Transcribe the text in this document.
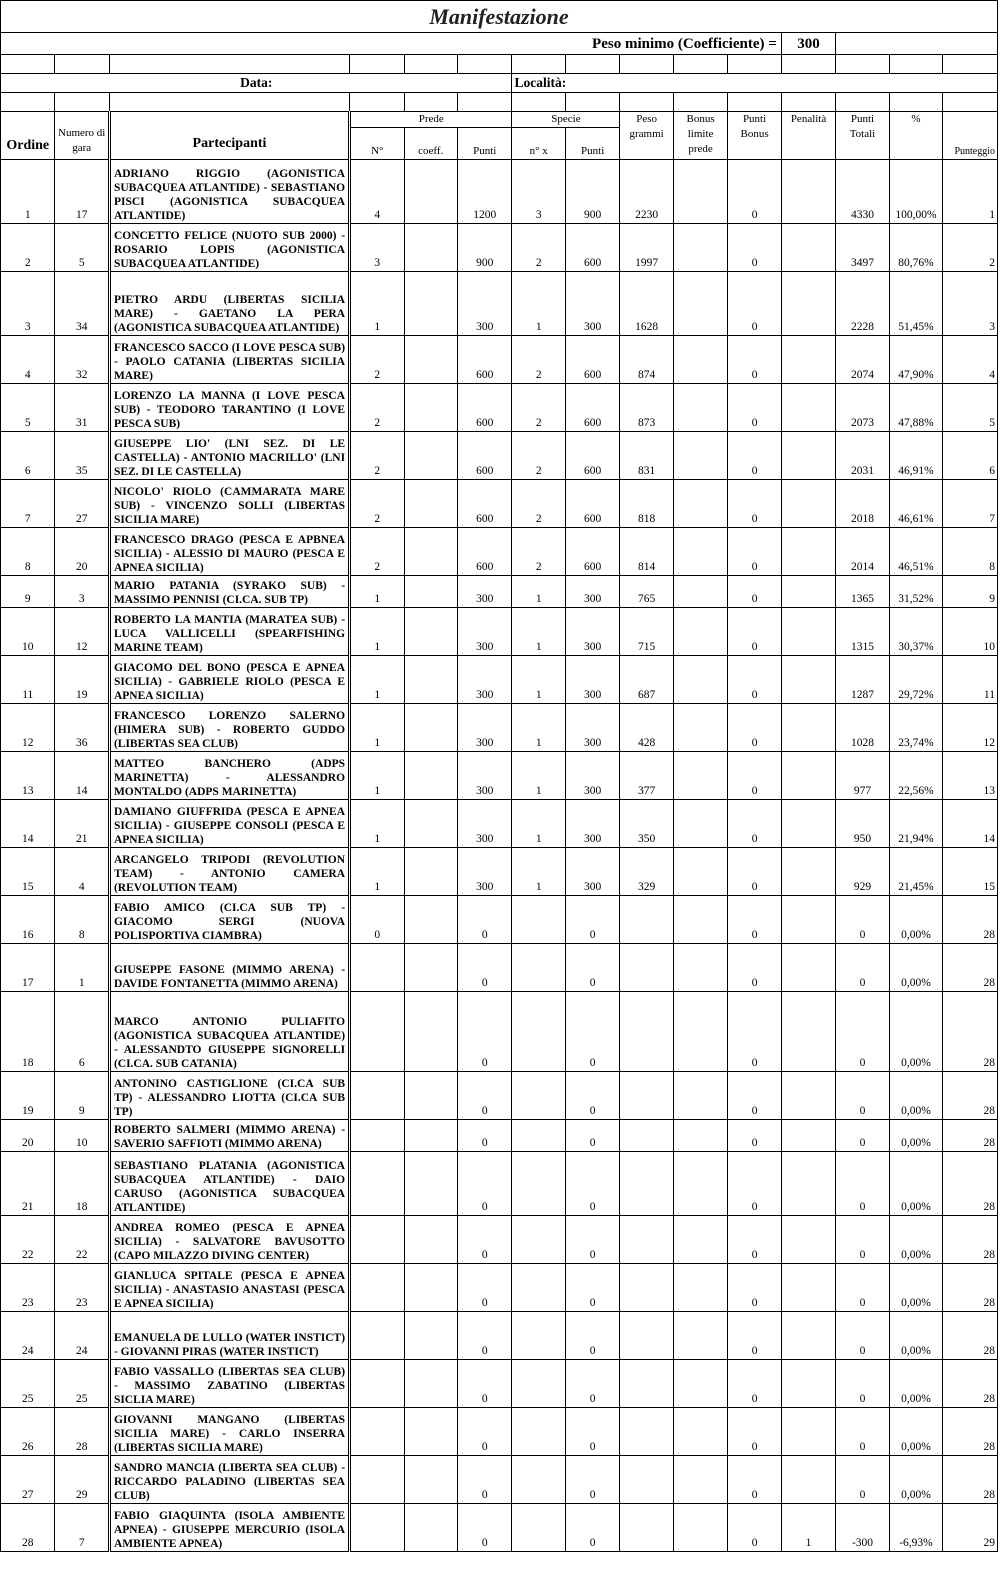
Manifestazione														
		Peso minimo (Coefficiente) =									300			

Data:						Località:								

Ordine	Numero di gara	Partecipanti	Prede			Specie		Peso grammi	Bonus limite prede	Punti Bonus	Penalità	Punti Totali	%	Punteggio
			N°	coeff.	Punti	n° x	Punti							
1	17	ADRIANO RIGGIO (AGONISTICA SUBACQUEA ATLANTIDE) - SEBASTIANO PISCI (AGONISTICA SUBACQUEA ATLANTIDE)	4		1200	3	900	2230		0		4330	100,00%	1
2	5	CONCETTO FELICE (NUOTO SUB 2000) - ROSARIO LOPIS (AGONISTICA SUBACQUEA ATLANTIDE)	3		900	2	600	1997		0		3497	80,76%	2
3	34	PIETRO ARDU (LIBERTAS SICILIA MARE) - GAETANO LA PERA (AGONISTICA SUBACQUEA ATLANTIDE)	1		300	1	300	1628		0		2228	51,45%	3
4	32	FRANCESCO SACCO (I LOVE PESCA SUB) - PAOLO CATANIA (LIBERTAS SICILIA MARE)	2		600	2	600	874		0		2074	47,90%	4
5	31	LORENZO LA MANNA (I LOVE PESCA SUB) - TEODORO TARANTINO (I LOVE PESCA SUB)	2		600	2	600	873		0		2073	47,88%	5
6	35	GIUSEPPE LIO' (LNI SEZ. DI LE CASTELLA) - ANTONIO MACRILLO' (LNI SEZ. DI LE CASTELLA)	2		600	2	600	831		0		2031	46,91%	6
7	27	NICOLO' RIOLO (CAMMARATA MARE SUB) - VINCENZO SOLLI (LIBERTAS SICILIA MARE)	2		600	2	600	818		0		2018	46,61%	7
8	20	FRANCESCO DRAGO (PESCA E APBNEA SICILIA) - ALESSIO DI MAURO (PESCA E APNEA SICILIA)	2		600	2	600	814		0		2014	46,51%	8
9	3	MARIO PATANIA (SYRAKO SUB) - MASSIMO PENNISI (CI.CA. SUB TP)	1		300	1	300	765		0		1365	31,52%	9
10	12	ROBERTO LA MANTIA (MARATEA SUB) - LUCA VALLICELLI (SPEARFISHING MARINE TEAM)	1		300	1	300	715		0		1315	30,37%	10
11	19	GIACOMO DEL BONO (PESCA E APNEA SICILIA) - GABRIELE RIOLO (PESCA E APNEA SICILIA)	1		300	1	300	687		0		1287	29,72%	11
12	36	FRANCESCO LORENZO SALERNO (HIMERA SUB) - ROBERTO GUDDO (LIBERTAS SEA CLUB)	1		300	1	300	428		0		1028	23,74%	12
13	14	MATTEO BANCHERO (ADPS MARINETTA) - ALESSANDRO MONTALDO (ADPS MARINETTA)	1		300	1	300	377		0		977	22,56%	13
14	21	DAMIANO GIUFFRIDA (PESCA E APNEA SICILIA) - GIUSEPPE CONSOLI (PESCA E APNEA SICILIA)	1		300	1	300	350		0		950	21,94%	14
15	4	ARCANGELO TRIPODI (REVOLUTION TEAM) - ANTONIO CAMERA (REVOLUTION TEAM)	1		300	1	300	329		0		929	21,45%	15
16	8	FABIO AMICO (CI.CA SUB TP) - GIACOMO SERGI (NUOVA POLISPORTIVA CIAMBRA)	0		0		0			0		0	0,00%	28
17	1	GIUSEPPE FASONE (MIMMO ARENA) - DAVIDE FONTANETTA (MIMMO ARENA)			0		0			0		0	0,00%	28
18	6	MARCO ANTONIO PULIAFITO (AGONISTICA SUBACQUEA ATLANTIDE) - ALESSANDTO GIUSEPPE SIGNORELLI (CI.CA. SUB CATANIA)			0		0			0		0	0,00%	28
19	9	ANTONINO CASTIGLIONE (CI.CA SUB TP) - ALESSANDRO LIOTTA (CI.CA SUB TP)			0		0			0		0	0,00%	28
20	10	ROBERTO SALMERI (MIMMO ARENA) - SAVERIO SAFFIOTI (MIMMO ARENA)			0		0			0		0	0,00%	28
21	18	SEBASTIANO PLATANIA (AGONISTICA SUBACQUEA ATLANTIDE) - DAIO CARUSO (AGONISTICA SUBACQUEA ATLANTIDE)			0		0			0		0	0,00%	28
22	22	ANDREA ROMEO (PESCA E APNEA SICILIA) - SALVATORE BAVUSOTTO (CAPO MILAZZO DIVING CENTER)			0		0			0		0	0,00%	28
23	23	GIANLUCA SPITALE (PESCA E APNEA SICILIA) - ANASTASIO ANASTASI (PESCA E APNEA SICILIA)			0		0			0		0	0,00%	28
24	24	EMANUELA DE LULLO (WATER INSTICT) - GIOVANNI PIRAS (WATER INSTICT)			0		0			0		0	0,00%	28
25	25	FABIO VASSALLO (LIBERTAS SEA CLUB) - MASSIMO ZABATINO (LIBERTAS SICLIA MARE)			0		0			0		0	0,00%	28
26	28	GIOVANNI MANGANO (LIBERTAS SICILIA MARE) - CARLO INSERRA (LIBERTAS SICILIA MARE)			0		0			0		0	0,00%	28
27	29	SANDRO MANCIA (LIBERTA SEA CLUB) - RICCARDO PALADINO (LIBERTAS SEA CLUB)			0		0			0		0	0,00%	28
28	7	FABIO GIAQUINTA (ISOLA AMBIENTE APNEA) - GIUSEPPE MERCURIO (ISOLA AMBIENTE APNEA)			0		0			0	1	-300	-6,93%	29
